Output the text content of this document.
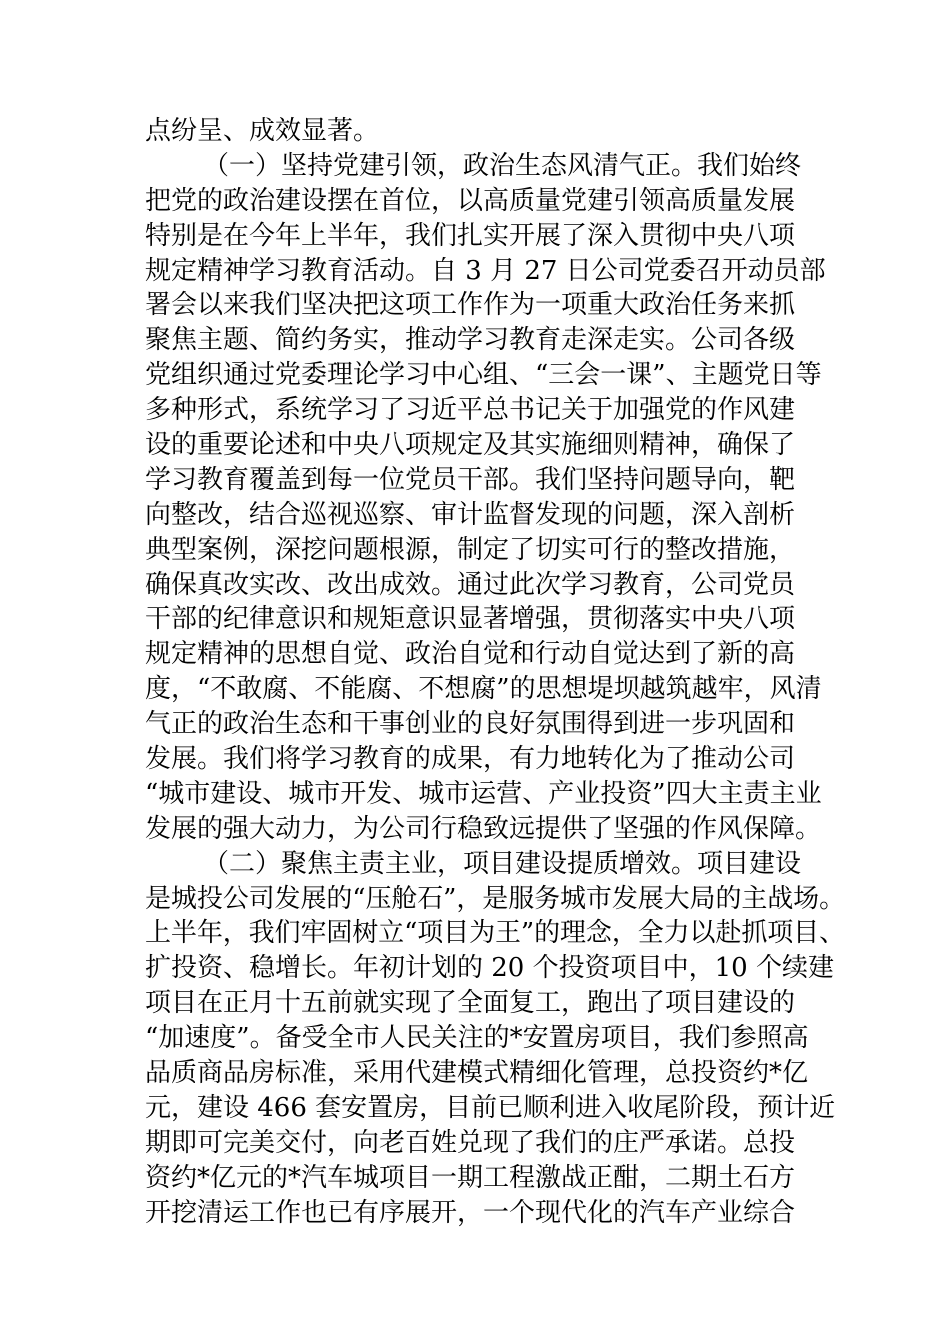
点纷呈、成效显著。
（一）坚持党建引领，政治生态风清气正。我们始终
把党的政治建设摆在首位，以高质量党建引领高质量发展
特别是在今年上半年，我们扎实开展了深入贯彻中央八项
规定精神学习教育活动。自 3 月 27 日公司党委召开动员部
署会以来我们坚决把这项工作作为一项重大政治任务来抓
聚焦主题、简约务实，推动学习教育走深走实。公司各级
党组织通过党委理论学习中心组、“三会一课”、主题党日等
多种形式，系统学习了习近平总书记关于加强党的作风建
设的重要论述和中央八项规定及其实施细则精神，确保了
学习教育覆盖到每一位党员干部。我们坚持问题导向，靶
向整改，结合巡视巡察、审计监督发现的问题，深入剖析
典型案例，深挖问题根源，制定了切实可行的整改措施，
确保真改实改、改出成效。通过此次学习教育，公司党员
干部的纪律意识和规矩意识显著增强，贯彻落实中央八项
规定精神的思想自觉、政治自觉和行动自觉达到了新的高
度，“不敢腐、不能腐、不想腐”的思想堤坝越筑越牢，风清
气正的政治生态和干事创业的良好氛围得到进一步巩固和
发展。我们将学习教育的成果，有力地转化为了推动公司
“城市建设、城市开发、城市运营、产业投资”四大主责主业
发展的强大动力，为公司行稳致远提供了坚强的作风保障。
（二）聚焦主责主业，项目建设提质增效。项目建设
是城投公司发展的“压舱石”，是服务城市发展大局的主战场。
上半年，我们牢固树立“项目为王”的理念，全力以赴抓项目、
扩投资、稳增长。年初计划的 20 个投资项目中，10 个续建
项目在正月十五前就实现了全面复工，跑出了项目建设的
“加速度”。备受全市人民关注的*安置房项目，我们参照高
品质商品房标准，采用代建模式精细化管理，总投资约*亿
元，建设 466 套安置房，目前已顺利进入收尾阶段，预计近
期即可完美交付，向老百姓兑现了我们的庄严承诺。总投
资约*亿元的*汽车城项目一期工程激战正酣，二期土石方
开挖清运工作也已有序展开，一个现代化的汽车产业综合
